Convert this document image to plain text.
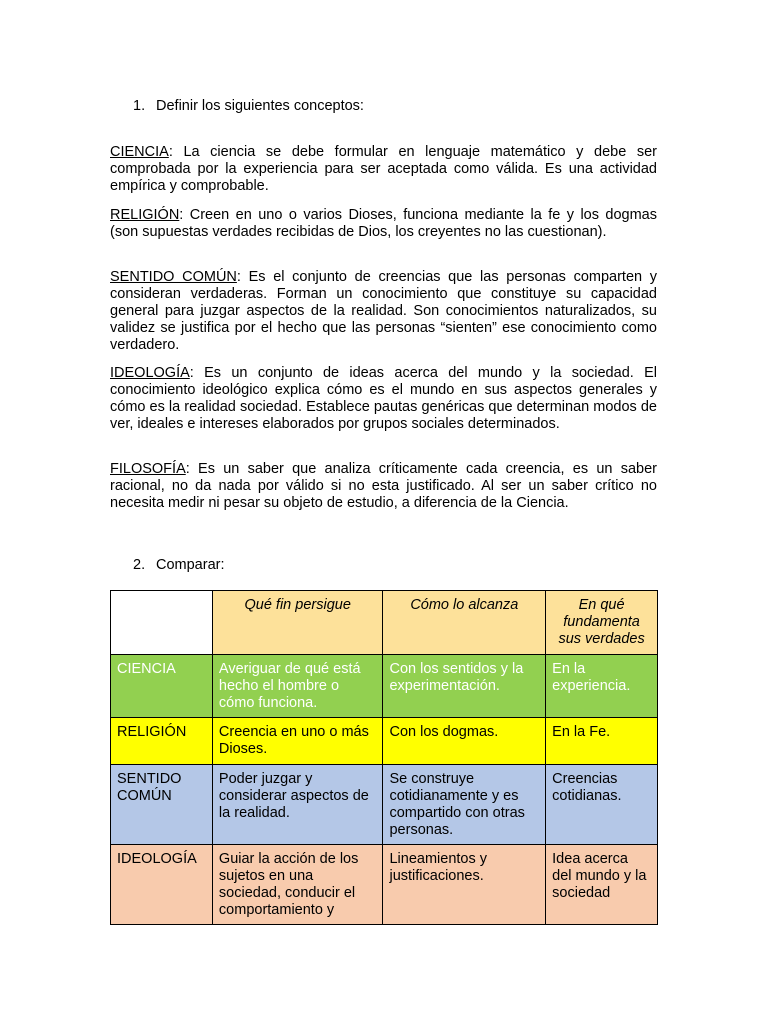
1. Definir los siguientes conceptos:
CIENCIA: La ciencia se debe formular en lenguaje matemático y debe ser comprobada por la experiencia para ser aceptada como válida. Es una actividad empírica y comprobable.
RELIGIÓN: Creen en uno o varios Dioses, funciona mediante la fe y los dogmas (son supuestas verdades recibidas de Dios, los creyentes no las cuestionan).
SENTIDO COMÚN: Es el conjunto de creencias que las personas comparten y consideran verdaderas. Forman un conocimiento que constituye su capacidad general para juzgar aspectos de la realidad. Son conocimientos naturalizados, su validez se justifica por el hecho que las personas “sienten” ese conocimiento como verdadero.
IDEOLOGÍA: Es un conjunto de ideas acerca del mundo y la sociedad. El conocimiento ideológico explica cómo es el mundo en sus aspectos generales y cómo es la realidad sociedad. Establece pautas genéricas que determinan modos de ver, ideales e intereses elaborados por grupos sociales determinados.
FILOSOFÍA: Es un saber que analiza críticamente cada creencia, es un saber racional, no da nada por válido si no esta justificado. Al ser un saber crítico no necesita medir ni pesar su objeto de estudio, a diferencia de la Ciencia.
2. Comparar:
	Qué fin persigue	Cómo lo alcanza	En qué fundamenta sus verdades
CIENCIA	Averiguar de qué está hecho el hombre o cómo funciona.	Con los sentidos y la experimentación.	En la experiencia.
RELIGIÓN	Creencia en uno o más Dioses.	Con los dogmas.	En la Fe.
SENTIDO COMÚN	Poder juzgar y considerar aspectos de la realidad.	Se construye cotidianamente y es compartido con otras personas.	Creencias cotidianas.
IDEOLOGÍA	Guiar la acción de los sujetos en una sociedad, conducir el comportamiento y	Lineamientos y justificaciones.	Idea acerca del mundo y la sociedad
